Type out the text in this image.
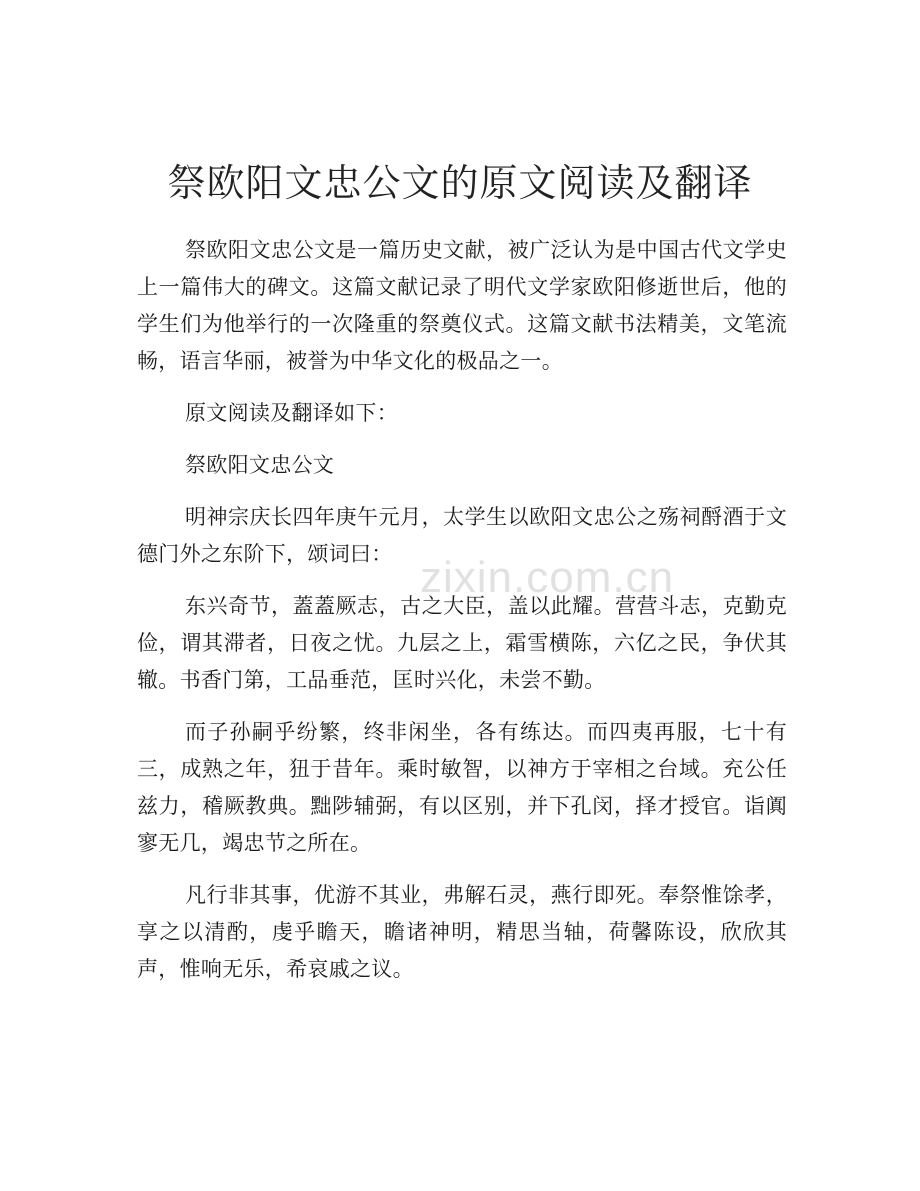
祭欧阳文忠公文的原文阅读及翻译

祭欧阳文忠公文是一篇历史文献，被广泛认为是中国古代文学史上一篇伟大的碑文。这篇文献记录了明代文学家欧阳修逝世后，他的学生们为他举行的一次隆重的祭奠仪式。这篇文献书法精美，文笔流畅，语言华丽，被誉为中华文化的极品之一。

原文阅读及翻译如下：

祭欧阳文忠公文

明神宗庆长四年庚午元月，太学生以欧阳文忠公之殇祠酹酒于文德门外之东阶下，颂词曰：

东兴奇节，蓋蓋厥志，古之大臣，盖以此耀。营营斗志，克勤克俭，谓其滞者，日夜之忧。九层之上，霜雪横陈，六亿之民，争伏其辙。书香门第，工品垂范，匡时兴化，未尝不勤。

而子孙嗣乎纷繁，终非闲坐，各有练达。而四夷再服，七十有三，成熟之年，狃于昔年。乘时敏智，以神方于宰相之台域。充公任兹力，稽厥教典。黜陟辅弼，有以区别，并下孔闵，择才授官。诣阗寥无几，竭忠节之所在。

凡行非其事，优游不其业，弗解石灵，燕行即死。奉祭惟馀孝，享之以清酌，虔乎瞻天，瞻诸神明，精思当轴，荷馨陈设，欣欣其声，惟响无乐，希哀戚之议。

zixin.com.cn
